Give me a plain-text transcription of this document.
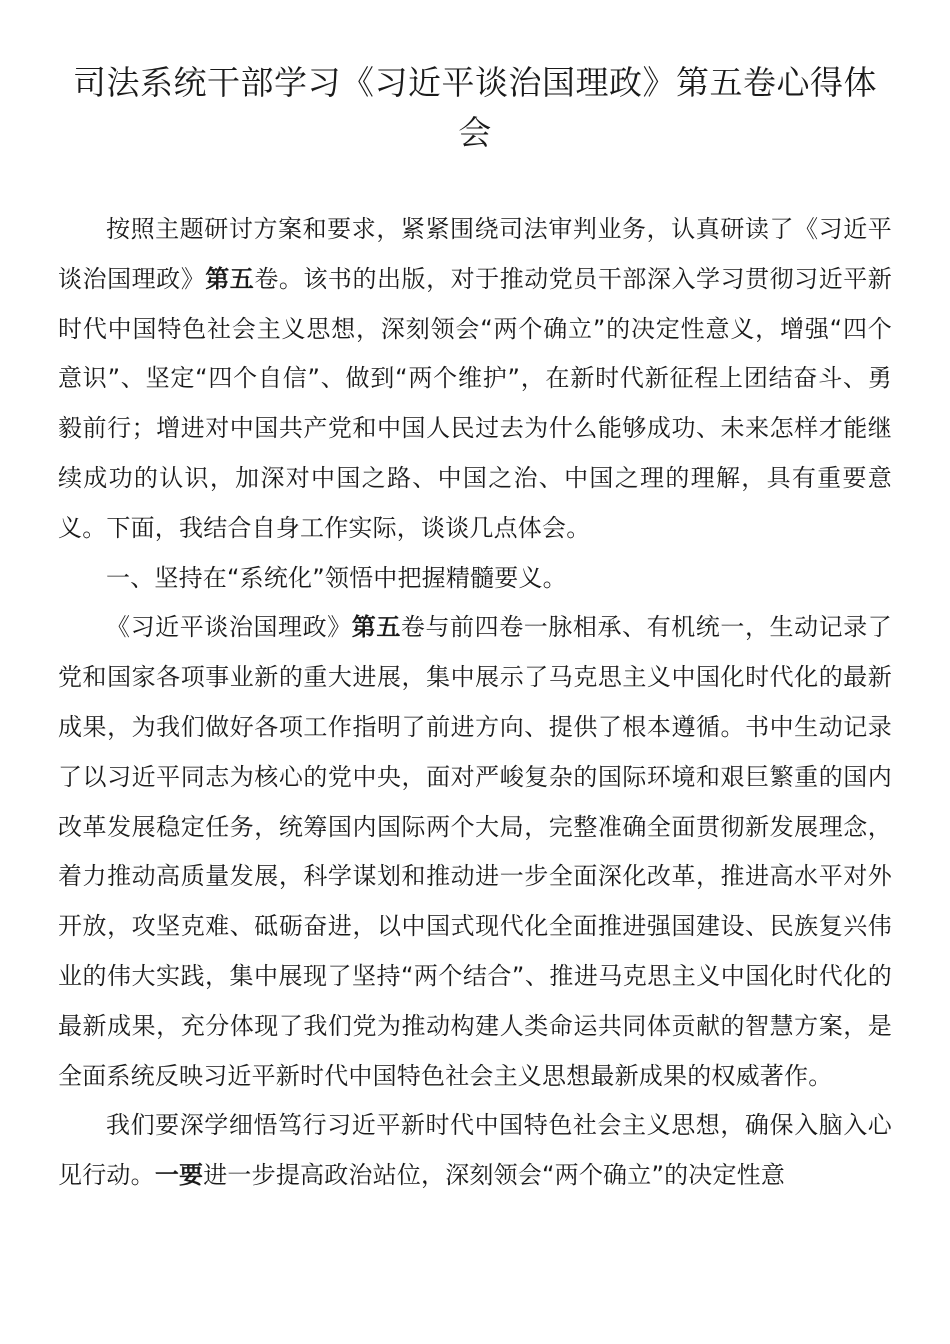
司法系统干部学习《习近平谈治国理政》第五卷心得体会

按照主题研讨方案和要求，紧紧围绕司法审判业务，认真研读了《习近平谈治国理政》第五卷。该书的出版，对于推动党员干部深入学习贯彻习近平新时代中国特色社会主义思想，深刻领会“两个确立”的决定性意义，增强“四个意识”、坚定“四个自信”、做到“两个维护”，在新时代新征程上团结奋斗、勇毅前行；增进对中国共产党和中国人民过去为什么能够成功、未来怎样才能继续成功的认识，加深对中国之路、中国之治、中国之理的理解，具有重要意义。下面，我结合自身工作实际，谈谈几点体会。

一、坚持在“系统化”领悟中把握精髓要义。

《习近平谈治国理政》第五卷与前四卷一脉相承、有机统一，生动记录了党和国家各项事业新的重大进展，集中展示了马克思主义中国化时代化的最新成果，为我们做好各项工作指明了前进方向、提供了根本遵循。书中生动记录了以习近平同志为核心的党中央，面对严峻复杂的国际环境和艰巨繁重的国内改革发展稳定任务，统筹国内国际两个大局，完整准确全面贯彻新发展理念，着力推动高质量发展，科学谋划和推动进一步全面深化改革，推进高水平对外开放，攻坚克难、砥砺奋进，以中国式现代化全面推进强国建设、民族复兴伟业的伟大实践，集中展现了坚持“两个结合”、推进马克思主义中国化时代化的最新成果，充分体现了我们党为推动构建人类命运共同体贡献的智慧方案，是全面系统反映习近平新时代中国特色社会主义思想最新成果的权威著作。

我们要深学细悟笃行习近平新时代中国特色社会主义思想，确保入脑入心见行动。一要进一步提高政治站位，深刻领会“两个确立”的决定性意
